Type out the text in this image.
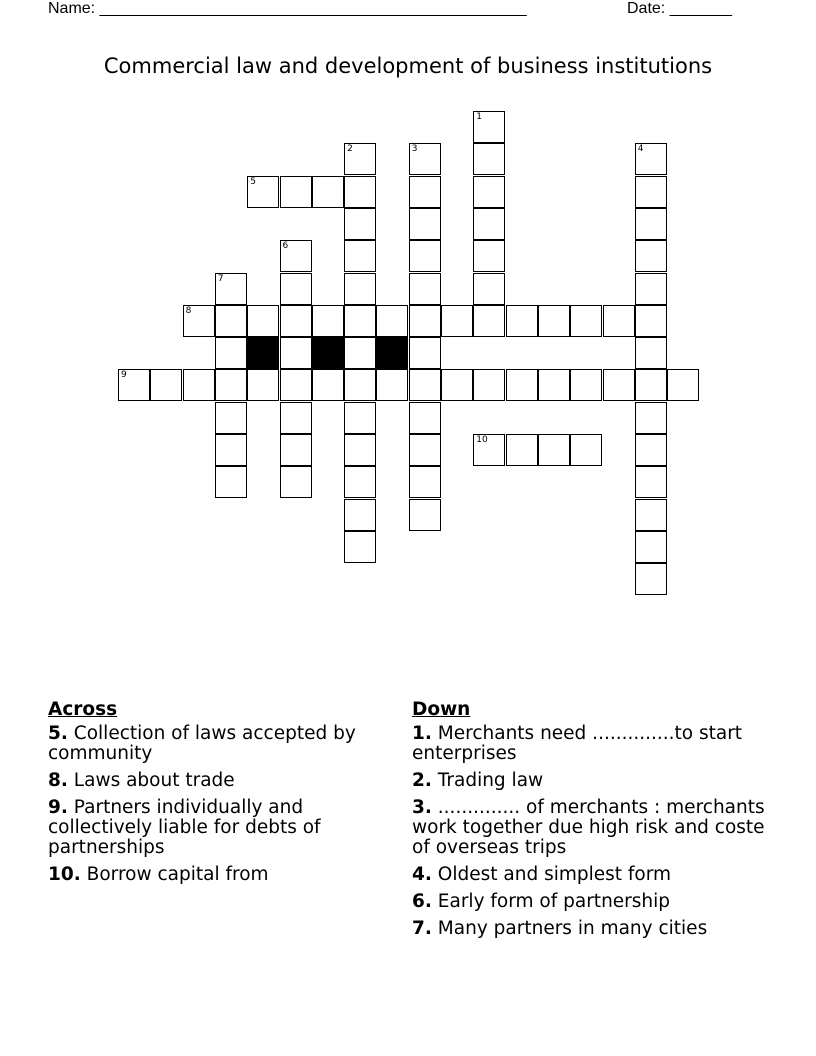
Name: ________________________________________________	Date: _______
Commercial law and development of business institutions
1
2	3	4
5
6
7
8
9
10
Across
5. Collection of laws accepted by community
8. Laws about trade
9. Partners individually and collectively liable for debts of partnerships
10. Borrow capital from
Down
1. Merchants need ..............to start enterprises
2. Trading law
3. .............. of merchants : merchants work together due high risk and coste of overseas trips
4. Oldest and simplest form
6. Early form of partnership
7. Many partners in many cities
